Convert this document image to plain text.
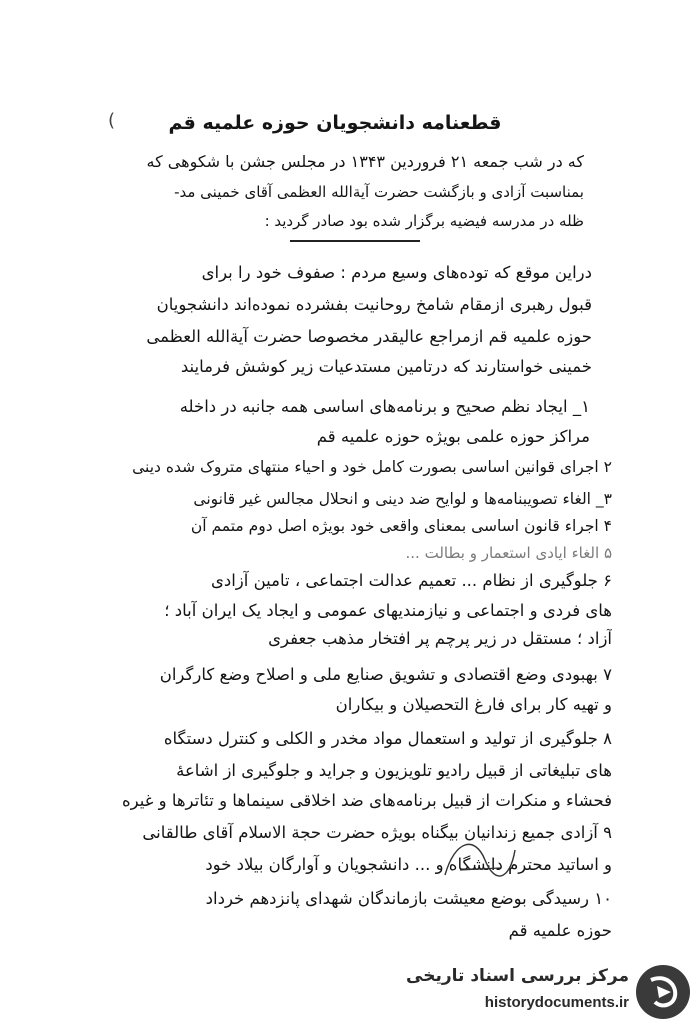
(	قطعنامه دانشجویان حوزه علمیه قم
که در شب جمعه ۲۱ فروردین ۱۳۴۳ در مجلس جشن با شکوهی که
بمناسبت آزادی و بازگشت حضرت آیة‌الله العظمی آقای خمینی مد-
ظله در مدرسه فیضیه برگزار شده بود صادر گردید :
دراین موقع که توده‌های وسیع مردم : صفوف خود را برای
قبول رهبری ازمقام شامخ روحانیت بفشرده نموده‌اند دانشجویان
حوزه علمیه قم ازمراجع عالیقدر مخصوصا حضرت آیة‌الله العظمی
خمینی خواستارند که درتامین مستدعیات زیر کوشش فرمایند
۱_ ایجاد نظم صحیح و برنامه‌های اساسی همه جانبه در داخله
مراکز حوزه علمی بویژه حوزه علمیه قم
۲ اجرای قوانین اساسی بصورت کامل خود و احیاء منتهای متروک شده دینی
۳_ الغاء تصویبنامه‌ها و لوایح ضد دینی و انحلال مجالس غیر قانونی
۴ اجراء قانون اساسی بمعنای واقعی خود بویژه اصل دوم متمم آن
۵ الغاء ایادی استعمار و بطالت ...
۶ جلوگیری از نظام ... تعمیم عدالت اجتماعی ، تامین آزادی
های فردی و اجتماعی و نیازمندیهای عمومی و ایجاد یک ایران آباد ؛
آزاد ؛ مستقل در زیر پرچم پر افتخار مذهب جعفری
۷ بهبودی وضع اقتصادی و تشویق صنایع ملی و اصلاح وضع کارگران
و تهیه کار برای فارغ التحصیلان و بیکاران
۸ جلوگیری از تولید و استعمال مواد مخدر و الکلی و کنترل دستگاه
های تبلیغاتی از قبیل رادیو تلویزیون و جراید و جلوگیری از اشاعهٔ
فحشاء و منکرات از قبیل برنامه‌های ضد اخلاقی سینماها و تئاترها و غیره
۹ آزادی جمیع زندانیان بیگناه بویژه حضرت حجة الاسلام آقای طالقانی
و اساتید محترم دانشگاه و ... دانشجویان و آوارگان بیلاد خود
۱۰ رسیدگی بوضع معیشت بازماندگان شهدای پانزدهم خرداد
حوزه علمیه قم
مرکز بررسی اسناد تاریخی
historydocuments.ir
